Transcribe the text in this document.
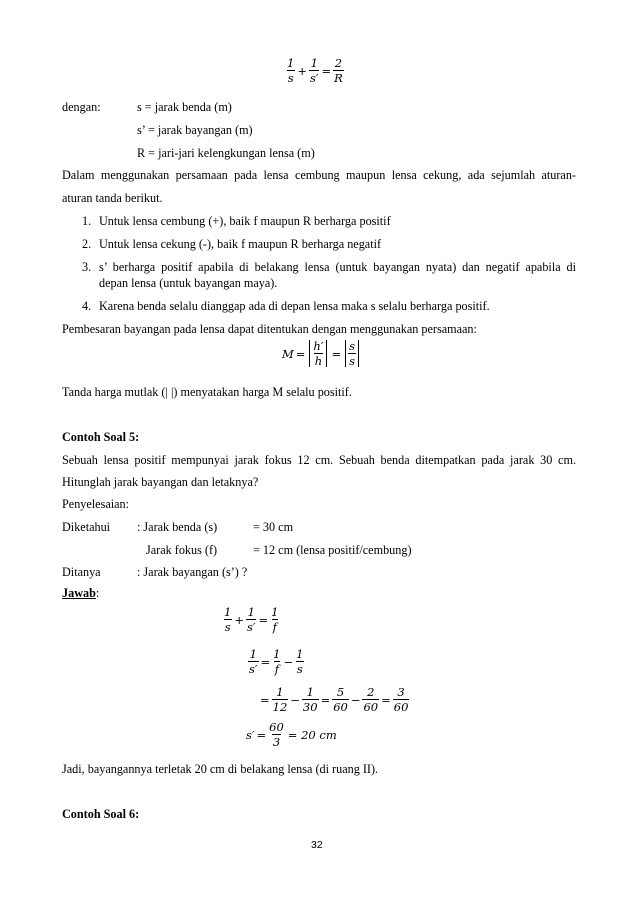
$\frac{1}{s} + \frac{1}{s'} = \frac{2}{R}$
dengan:	s = jarak benda (m)
s’ = jarak bayangan (m)
R = jari-jari kelengkungan lensa (m)
Dalam menggunakan persamaan pada lensa cembung maupun lensa cekung, ada sejumlah aturan-
aturan tanda berikut.
1. Untuk lensa cembung (+), baik f maupun R berharga positif
2. Untuk lensa cekung (-), baik f maupun R berharga negatif
3. s’ berharga positif apabila di belakang lensa (untuk bayangan nyata) dan negatif apabila di
depan lensa (untuk bayangan maya).
4. Karena benda selalu dianggap ada di depan lensa maka s selalu berharga positif.
Pembesaran bayangan pada lensa dapat ditentukan dengan menggunakan persamaan:
$M = \frac{h'}{h} = \frac{s}{s}$
Tanda harga mutlak (| |) menyatakan harga M selalu positif.
Contoh Soal 5:
Sebuah lensa positif mempunyai jarak fokus 12 cm. Sebuah benda ditempatkan pada jarak 30 cm.
Hitunglah jarak bayangan dan letaknya?
Penyelesaian:
Diketahui : Jarak benda (s)	= 30 cm
Jarak fokus (f)	= 12 cm (lensa positif/cembung)
Ditanya	: Jarak bayangan (s’) ?
Jawab:
$\frac{1}{s} + \frac{1}{s'} = \frac{1}{f}$
$\frac{1}{s'} = \frac{1}{f} - \frac{1}{s}$
= $\frac{1}{12} - \frac{1}{30} = \frac{5}{60} - \frac{2}{60} = \frac{3}{60}$
$s' = \frac{60}{3} = 20$ cm
Jadi, bayangannya terletak 20 cm di belakang lensa (di ruang II).
Contoh Soal 6:
32
